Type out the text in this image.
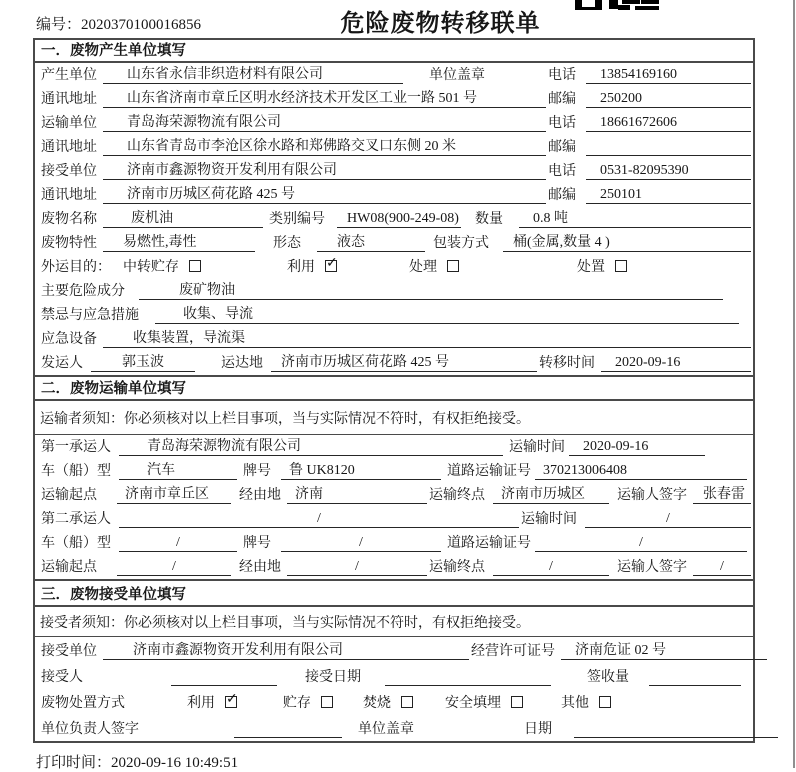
编号：2020370100016856	危险废物转移联单
一．废物产生单位填写
产生单位	山东省永信非织造材料有限公司	单位盖章	电话	13854169160
通讯地址	山东省济南市章丘区明水经济技术开发区工业一路 501 号	邮编	250200
运输单位	青岛海荣源物流有限公司	电话	18661672606
通讯地址	山东省青岛市李沧区徐水路和郑佛路交叉口东侧 20 米	邮编
接受单位	济南市鑫源物资开发利用有限公司	电话	0531-82095390
通讯地址	济南市历城区荷花路 425 号	邮编	250101
废物名称	废机油	类别编号	HW08(900-249-08)	数量	0.8 吨
废物特性	易燃性,毒性	形态	液态	包装方式	桶(金属,数量 4 )
外运目的： 中转贮存	利用 ✓	处理	处置
主要危险成分	废矿物油
禁忌与应急措施	收集、导流
应急设备	收集装置，导流渠
发运人	郭玉波	运达地	济南市历城区荷花路 425 号	转移时间	2020-09-16
二．废物运输单位填写
运输者须知：你必须核对以上栏目事项，当与实际情况不符时，有权拒绝接受。
第一承运人	青岛海荣源物流有限公司	运输时间	2020-09-16
车（船）型	汽车	牌号	鲁 UK8120	道路运输证号 370213006408
运输起点	济南市章丘区	经由地	济南	运输终点	济南市历城区	运输人签字	张春雷
第二承运人	/	运输时间	/
车（船）型	/	牌号	/	道路运输证号	/
运输起点	/	经由地	/	运输终点	/	运输人签字	/
三．废物接受单位填写
接受者须知：你必须核对以上栏目事项，当与实际情况不符时，有权拒绝接受。
接受单位	济南市鑫源物资开发利用有限公司	经营许可证号	济南危证 02 号
接受人	接受日期	签收量
废物处置方式	利用 ✓	贮存	焚烧	安全填埋	其他
单位负责人签字	单位盖章	日期
打印时间：2020-09-16 10:49:51
